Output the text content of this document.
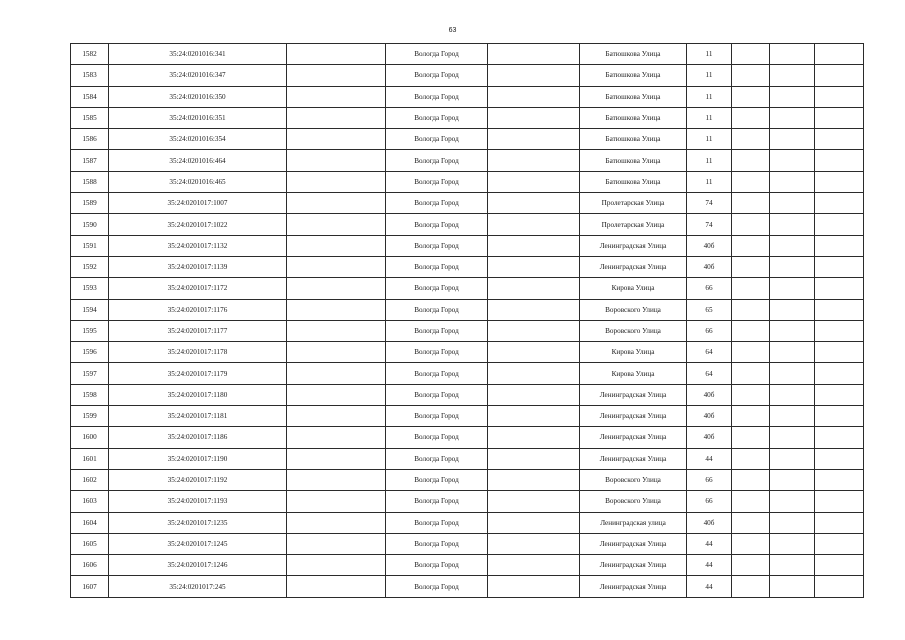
63
1582	35:24:0201016:341		Вологда Город		Батюшкова Улица	11			
1583	35:24:0201016:347		Вологда Город		Батюшкова Улица	11			
1584	35:24:0201016:350		Вологда Город		Батюшкова Улица	11			
1585	35:24:0201016:351		Вологда Город		Батюшкова Улица	11			
1586	35:24:0201016:354		Вологда Город		Батюшкова Улица	11			
1587	35:24:0201016:464		Вологда Город		Батюшкова Улица	11			
1588	35:24:0201016:465		Вологда Город		Батюшкова Улица	11			
1589	35:24:0201017:1007		Вологда Город		Пролетарская Улица	74			
1590	35:24:0201017:1022		Вологда Город		Пролетарская Улица	74			
1591	35:24:0201017:1132		Вологда Город		Ленинградская Улица	40б			
1592	35:24:0201017:1139		Вологда Город		Ленинградская Улица	40б			
1593	35:24:0201017:1172		Вологда Город		Кирова Улица	66			
1594	35:24:0201017:1176		Вологда Город		Воровского Улица	65			
1595	35:24:0201017:1177		Вологда Город		Воровского Улица	66			
1596	35:24:0201017:1178		Вологда Город		Кирова Улица	64			
1597	35:24:0201017:1179		Вологда Город		Кирова Улица	64			
1598	35:24:0201017:1180		Вологда Город		Ленинградская Улица	40б			
1599	35:24:0201017:1181		Вологда Город		Ленинградская Улица	40б			
1600	35:24:0201017:1186		Вологда Город		Ленинградская Улица	40б			
1601	35:24:0201017:1190		Вологда Город		Ленинградская Улица	44			
1602	35:24:0201017:1192		Вологда Город		Воровского Улица	66			
1603	35:24:0201017:1193		Вологда Город		Воровского Улица	66			
1604	35:24:0201017:1235		Вологда Город		Ленинградская улица	40б			
1605	35:24:0201017:1245		Вологда Город		Ленинградская Улица	44			
1606	35:24:0201017:1246		Вологда Город		Ленинградская Улица	44			
1607	35:24:0201017:245		Вологда Город		Ленинградская Улица	44			
